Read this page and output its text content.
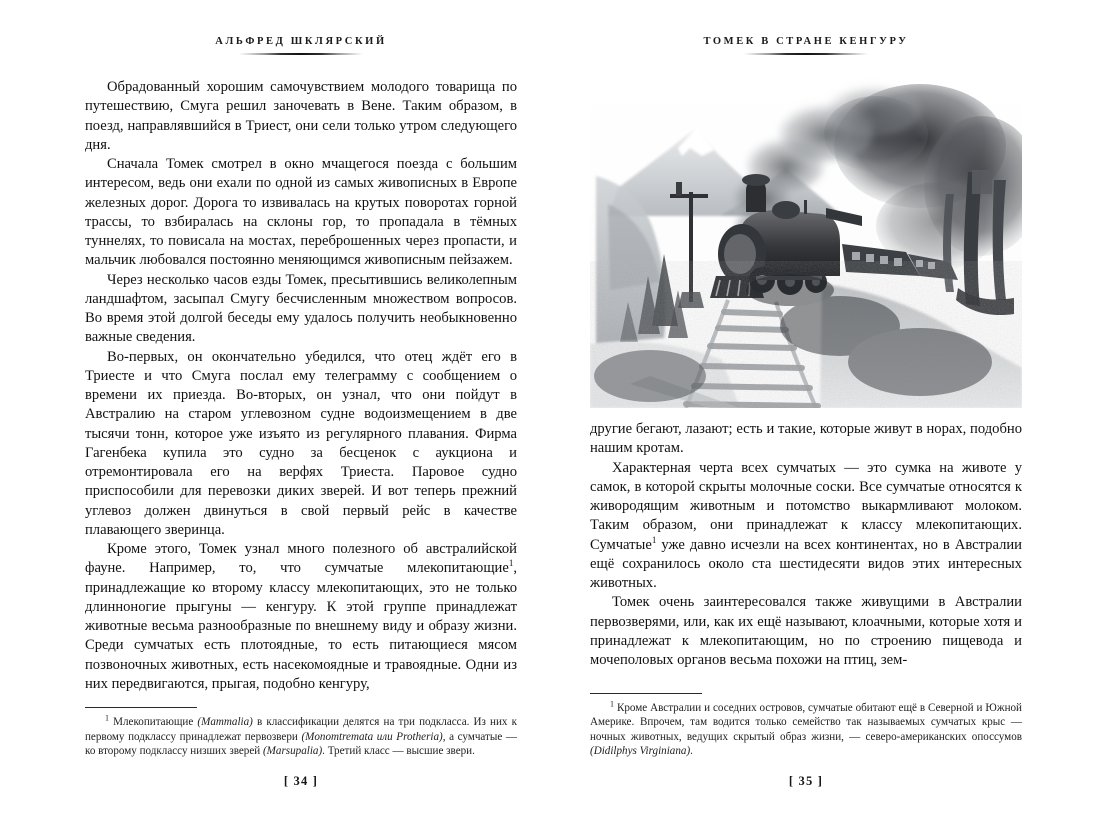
АЛЬФРЕД ШКЛЯРСКИЙ

Обрадованный хорошим самочувствием молодого товарища по путешествию, Смуга решил заночевать в Вене. Таким образом, в поезд, направлявшийся в Триест, они сели только утром следующего дня.

Сначала Томек смотрел в окно мчащегося поезда с большим интересом, ведь они ехали по одной из самых живописных в Европе железных дорог. Дорога то извивалась на крутых поворотах горной трассы, то взбиралась на склоны гор, то пропадала в тёмных туннелях, то повисала на мостах, переброшенных через пропасти, и мальчик любовался постоянно меняющимся живописным пейзажем.

Через несколько часов езды Томек, пресытившись великолепным ландшафтом, засыпал Смугу бесчисленным множеством вопросов. Во время этой долгой беседы ему удалось получить необыкновенно важные сведения.

Во-первых, он окончательно убедился, что отец ждёт его в Триесте и что Смуга послал ему телеграмму с сообщением о времени их приезда. Во-вторых, он узнал, что они пойдут в Австралию на старом углевозном судне водоизмещением в две тысячи тонн, которое уже изъято из регулярного плавания. Фирма Гагенбека купила это судно за бесценок с аукциона и отремонтировала его на верфях Триеста. Паровое судно приспособили для перевозки диких зверей. И вот теперь прежний углевоз должен двинуться в свой первый рейс в качестве плавающего зверинца.

Кроме этого, Томек узнал много полезного об австралийской фауне. Например, то, что сумчатые млекопитающие$^1$, принадлежащие ко второму классу млекопитающих, это не только длинноногие прыгуны — кенгуру. К этой группе принадлежат животные весьма разнообразные по внешнему виду и образу жизни. Среди сумчатых есть плотоядные, то есть питающиеся мясом позвоночных животных, есть насекомоядные и травоядные. Одни из них передвигаются, прыгая, подобно кенгуру,

$^1$ Млекопитающие (Mammalia) в классификации делятся на три подкласса. Из них к первому подклассу принадлежат первозвери (Monomtremata или Protheria), а сумчатые — ко второму подклассу низших зверей (Marsupalia). Третий класс — высшие звери.
[ 34 ]
ТОМЕК В СТРАНЕ КЕНГУРУ

другие бегают, лазают; есть и такие, которые живут в норах, подобно нашим кротам.

Характерная черта всех сумчатых — это сумка на животе у самок, в которой скрыты молочные соски. Все сумчатые относятся к живородящим животным и потомство выкармливают молоком. Таким образом, они принадлежат к классу млекопитающих. Сумчатые$^1$ уже давно исчезли на всех континентах, но в Австралии ещё сохранилось около ста шестидесяти видов этих интересных животных.

Томек очень заинтересовался также живущими в Австралии первозверями, или, как их ещё называют, клоачными, которые хотя и принадлежат к млекопитающим, но по строению пищевода и мочеполовых органов весьма похожи на птиц, зем-

$^1$ Кроме Австралии и соседних островов, сумчатые обитают ещё в Северной и Южной Америке. Впрочем, там водится только семейство так называемых сумчатых крыс — ночных животных, ведущих скрытый образ жизни, — северо-американских опоссумов (Didilphys Virginiana).
[ 35 ]
